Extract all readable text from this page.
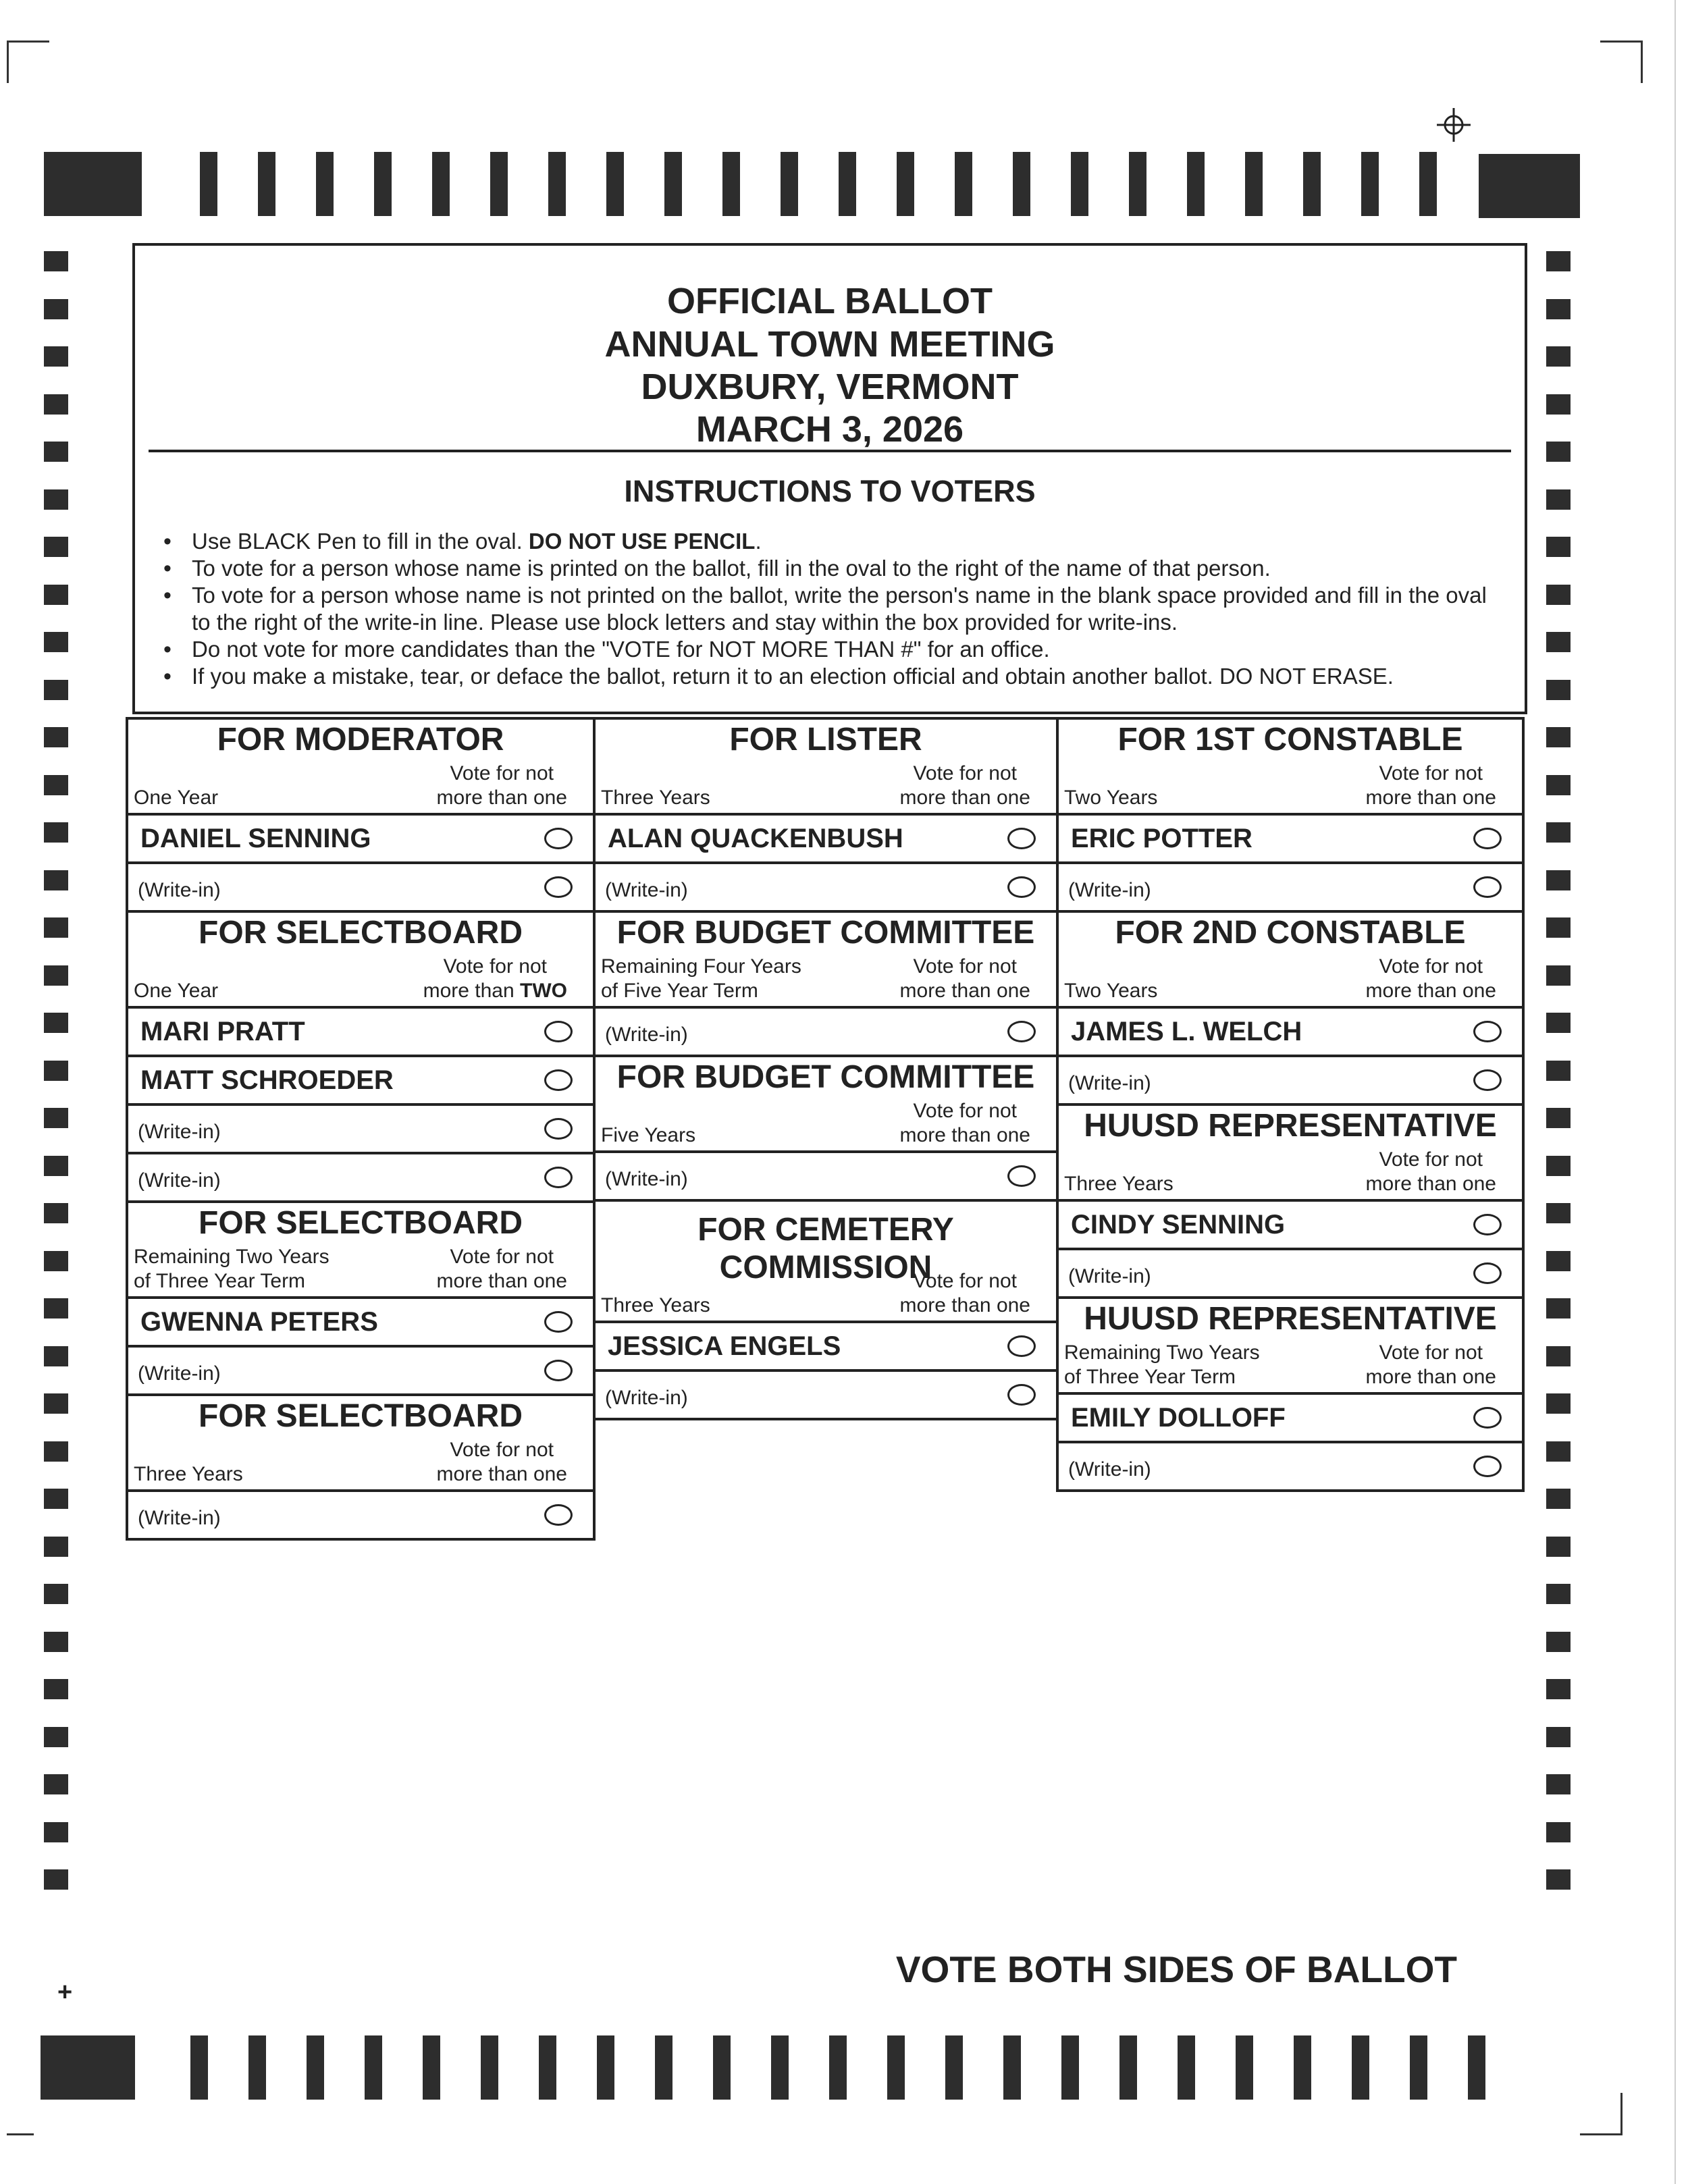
OFFICIAL BALLOT
ANNUAL TOWN MEETING
DUXBURY, VERMONT
MARCH 3, 2026
INSTRUCTIONS TO VOTERS
• Use BLACK Pen to fill in the oval. DO NOT USE PENCIL.
• To vote for a person whose name is printed on the ballot, fill in the oval to the right of the name of that person.
• To vote for a person whose name is not printed on the ballot, write the person's name in the blank space provided and fill in the oval to the right of the write-in line. Please use block letters and stay within the box provided for write-ins.
• Do not vote for more candidates than the "VOTE for NOT MORE THAN #" for an office.
• If you make a mistake, tear, or deface the ballot, return it to an election official and obtain another ballot. DO NOT ERASE.
FOR MODERATOR
One Year
Vote for not
more than one
DANIEL SENNING
(Write-in)
FOR SELECTBOARD
One Year
Vote for not
more than TWO
MARI PRATT
MATT SCHROEDER
(Write-in)
(Write-in)
FOR SELECTBOARD
Remaining Two Years
of Three Year Term
Vote for not
more than one
GWENNA PETERS
(Write-in)
FOR SELECTBOARD
Three Years
Vote for not
more than one
(Write-in)
FOR LISTER
Three Years
Vote for not
more than one
ALAN QUACKENBUSH
(Write-in)
FOR BUDGET COMMITTEE
Remaining Four Years
of Five Year Term
Vote for not
more than one
(Write-in)
FOR BUDGET COMMITTEE
Five Years
Vote for not
more than one
(Write-in)
FOR CEMETERY
COMMISSION
Three Years
Vote for not
more than one
JESSICA ENGELS
(Write-in)
FOR 1ST CONSTABLE
Two Years
Vote for not
more than one
ERIC POTTER
(Write-in)
FOR 2ND CONSTABLE
Two Years
Vote for not
more than one
JAMES L. WELCH
(Write-in)
HUUSD REPRESENTATIVE
Three Years
Vote for not
more than one
CINDY SENNING
(Write-in)
HUUSD REPRESENTATIVE
Remaining Two Years
of Three Year Term
Vote for not
more than one
EMILY DOLLOFF
(Write-in)
VOTE BOTH SIDES OF BALLOT
+
